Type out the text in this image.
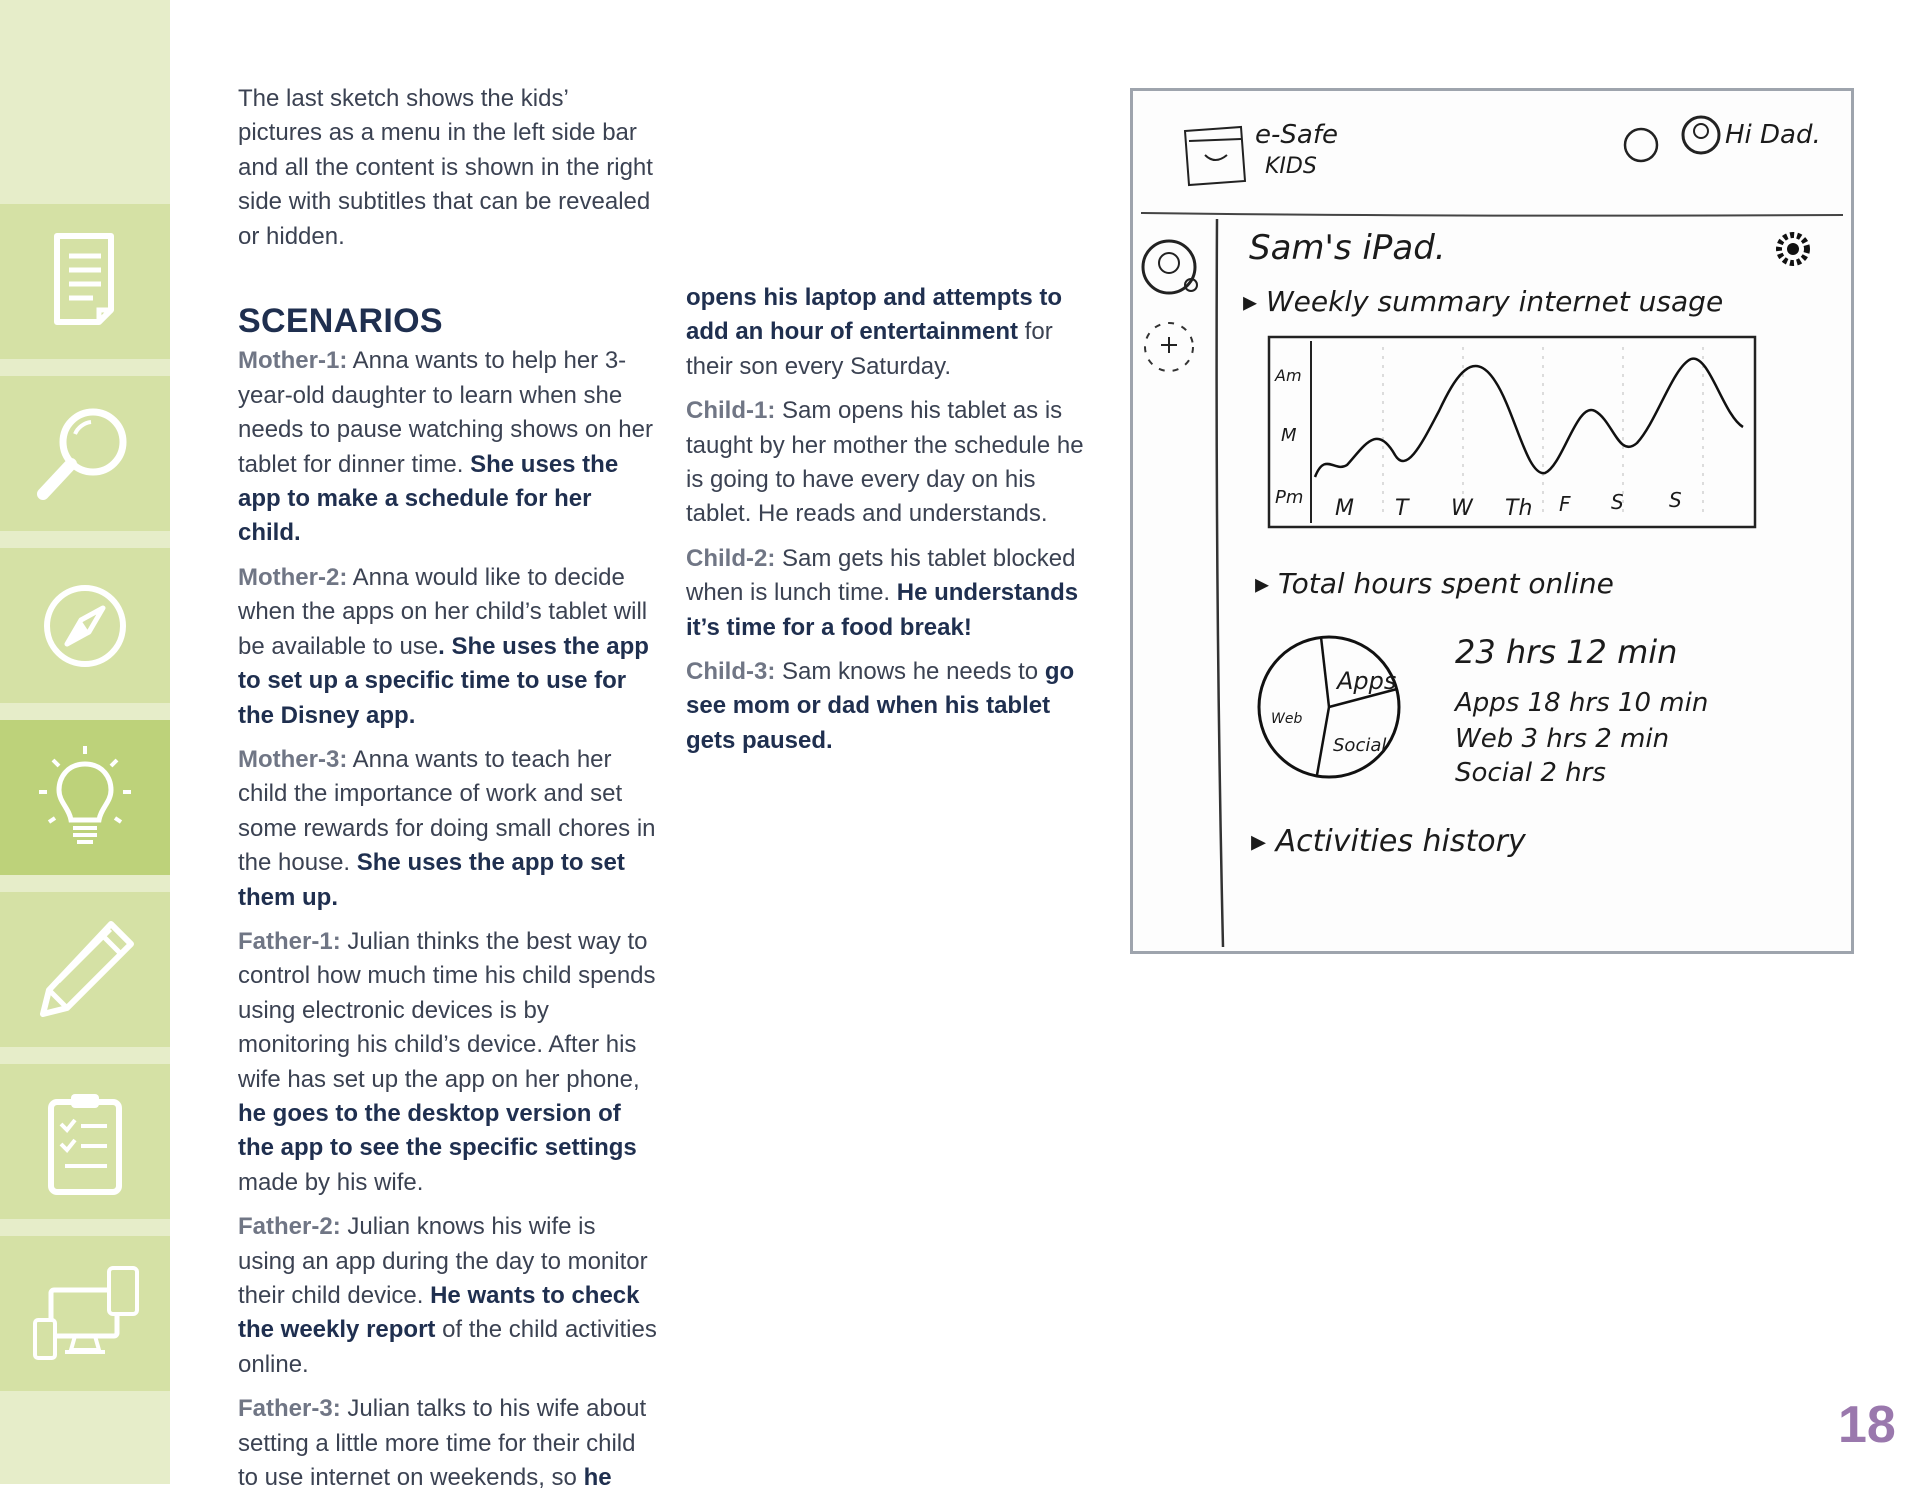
The last sketch shows the kids’ pictures as a menu in the left side bar and all the content is shown in the right side with subtitles that can be revealed or hidden.

SCENARIOS

Mother-1: Anna wants to help her 3-year-old daughter to learn when she needs to pause watching shows on her tablet for dinner time. She uses the app to make a schedule for her child.

Mother-2: Anna would like to decide when the apps on her child’s tablet will be available to use. She uses the app to set up a specific time to use for the Disney app.

Mother-3: Anna wants to teach her child the importance of work and set some rewards for doing small chores in the house. She uses the app to set them up.

Father-1: Julian thinks the best way to control how much time his child spends using electronic devices is by monitoring his child’s device. After his wife has set up the app on her phone, he goes to the desktop version of the app to see the specific settings made by his wife.

Father-2: Julian knows his wife is using an app during the day to monitor their child device. He wants to check the weekly report of the child activities online.

Father-3: Julian talks to his wife about setting a little more time for their child to use internet on weekends, so he

opens his laptop and attempts to add an hour of entertainment for their son every Saturday.

Child-1: Sam opens his tablet as is taught by her mother the schedule he is going to have every day on his tablet. He reads and understands.

Child-2: Sam gets his tablet blocked when is lunch time. He understands it’s time for a food break!

Child-3: Sam knows he needs to go see mom or dad when his tablet gets paused.

e-Safe
KIDS
Hi Dad.
Sam's iPad.
▸ Weekly summary internet usage
Am
M
Pm M T W Th F S S
▸ Total hours spent online
Apps
Web
Social
23 hrs 12 min
Apps 18 hrs 10 min
Web 3 hrs 2 min
Social 2 hrs
▸ Activities history
18
